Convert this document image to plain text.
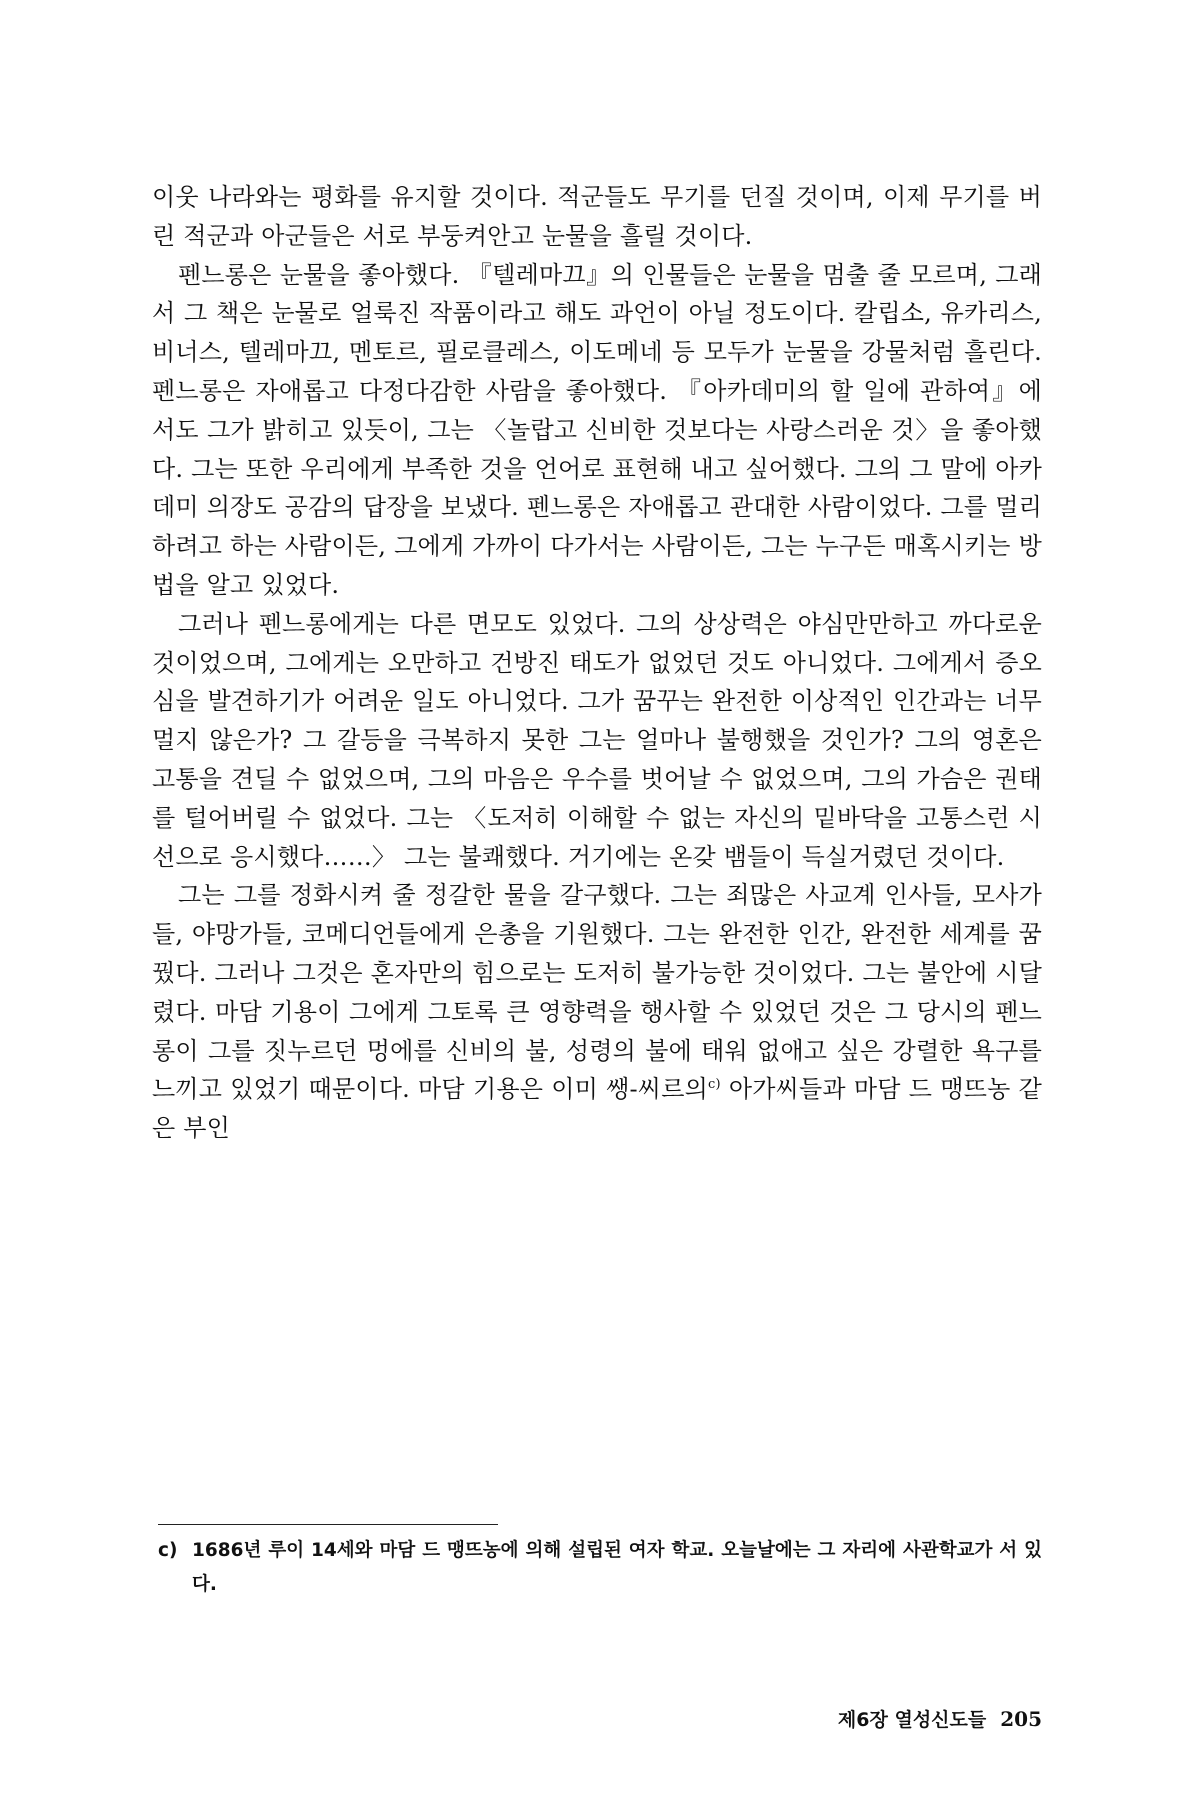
이웃 나라와는 평화를 유지할 것이다. 적군들도 무기를 던질 것이며, 이제 무기를 버린 적군과 아군들은 서로 부둥켜안고 눈물을 흘릴 것이다.

펜느롱은 눈물을 좋아했다. 『텔레마끄』의 인물들은 눈물을 멈출 줄 모르며, 그래서 그 책은 눈물로 얼룩진 작품이라고 해도 과언이 아닐 정도이다. 칼립소, 유카리스, 비너스, 텔레마끄, 멘토르, 필로클레스, 이도메네 등 모두가 눈물을 강물처럼 흘린다. 펜느롱은 자애롭고 다정다감한 사람을 좋아했다. 『아카데미의 할 일에 관하여』에서도 그가 밝히고 있듯이, 그는 〈놀랍고 신비한 것보다는 사랑스러운 것〉을 좋아했다. 그는 또한 우리에게 부족한 것을 언어로 표현해 내고 싶어했다. 그의 그 말에 아카데미 의장도 공감의 답장을 보냈다. 펜느롱은 자애롭고 관대한 사람이었다. 그를 멀리 하려고 하는 사람이든, 그에게 가까이 다가서는 사람이든, 그는 누구든 매혹시키는 방법을 알고 있었다.

그러나 펜느롱에게는 다른 면모도 있었다. 그의 상상력은 야심만만하고 까다로운 것이었으며, 그에게는 오만하고 건방진 태도가 없었던 것도 아니었다. 그에게서 증오심을 발견하기가 어려운 일도 아니었다. 그가 꿈꾸는 완전한 이상적인 인간과는 너무 멀지 않은가? 그 갈등을 극복하지 못한 그는 얼마나 불행했을 것인가? 그의 영혼은 고통을 견딜 수 없었으며, 그의 마음은 우수를 벗어날 수 없었으며, 그의 가슴은 권태를 털어버릴 수 없었다. 그는 〈도저히 이해할 수 없는 자신의 밑바닥을 고통스런 시선으로 응시했다……〉 그는 불쾌했다. 거기에는 온갖 뱀들이 득실거렸던 것이다.

그는 그를 정화시켜 줄 정갈한 물을 갈구했다. 그는 죄많은 사교계 인사들, 모사가들, 야망가들, 코메디언들에게 은총을 기원했다. 그는 완전한 인간, 완전한 세계를 꿈꿨다. 그러나 그것은 혼자만의 힘으로는 도저히 불가능한 것이었다. 그는 불안에 시달렸다. 마담 기용이 그에게 그토록 큰 영향력을 행사할 수 있었던 것은 그 당시의 펜느롱이 그를 짓누르던 멍에를 신비의 불, 성령의 불에 태워 없애고 싶은 강렬한 욕구를 느끼고 있었기 때문이다. 마담 기용은 이미 쌩-씨르의$^{c)}$ 아가씨들과 마담 드 맹뜨농 같은 부인

c) 1686년 루이 14세와 마담 드 맹뜨농에 의해 설립된 여자 학교. 오늘날에는 그 자리에 사관학교가 서 있다.
제6장 열성신도들 205
